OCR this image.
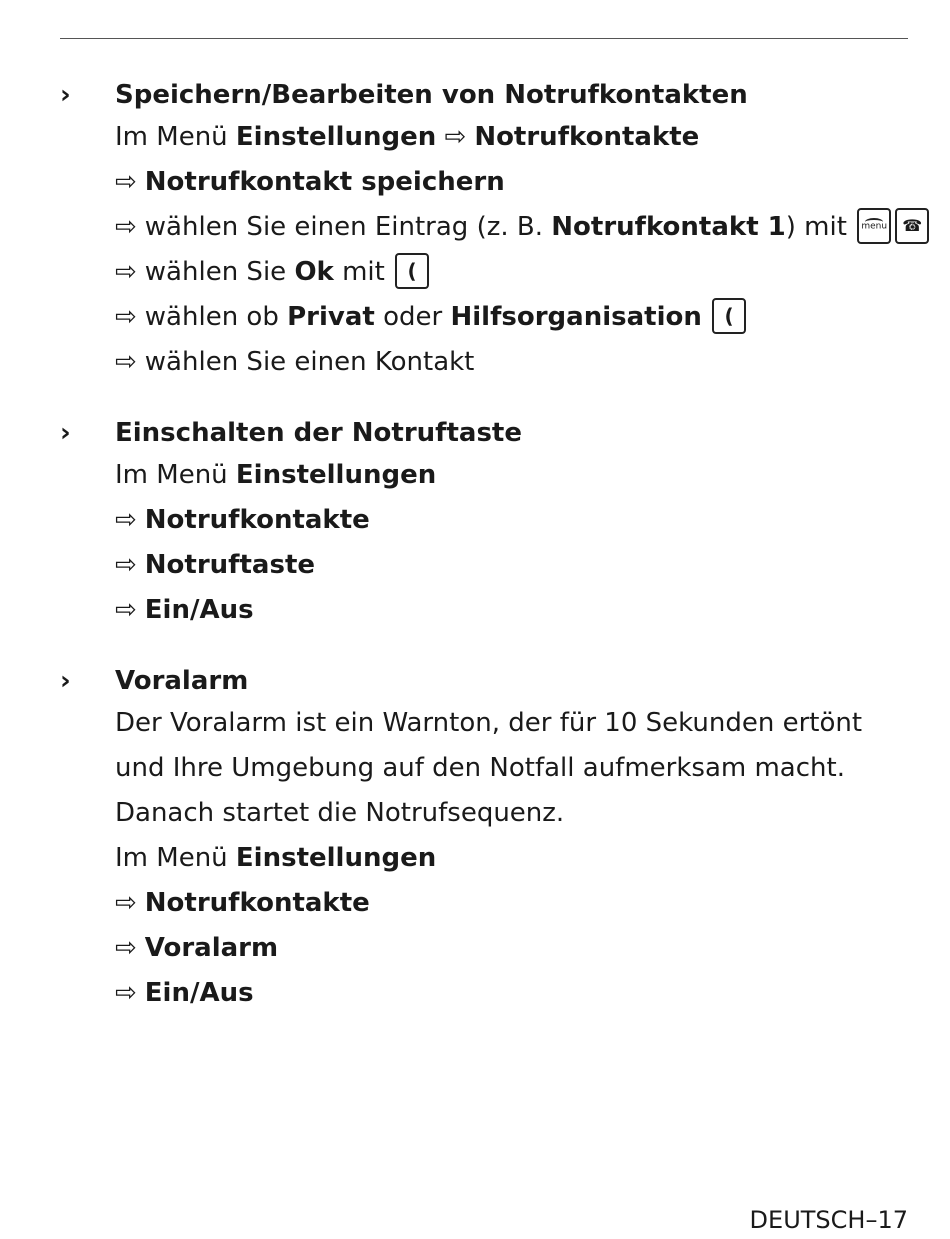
›	Speichern/Bearbeiten von Notrufkontakten
Im Menü Einstellungen ⇨ Notrufkontakte
⇨ Notrufkontakt speichern
⇨ wählen Sie einen Eintrag (z. B. Notrufkontakt 1) mit menu ☎
⇨ wählen Sie Ok mit	(
⇨ wählen ob Privat oder Hilfsorganisation	(
⇨ wählen Sie einen Kontakt
›	Einschalten der Notruftaste
Im Menü Einstellungen
⇨ Notrufkontakte
⇨ Notruftaste
⇨ Ein/Aus
›	Voralarm
Der Voralarm ist ein Warnton, der für 10 Sekunden ertönt
und Ihre Umgebung auf den Notfall aufmerksam macht.
Danach startet die Notrufsequenz.
Im Menü Einstellungen
⇨ Notrufkontakte
⇨ Voralarm
⇨ Ein/Aus
DEUTSCH–17
